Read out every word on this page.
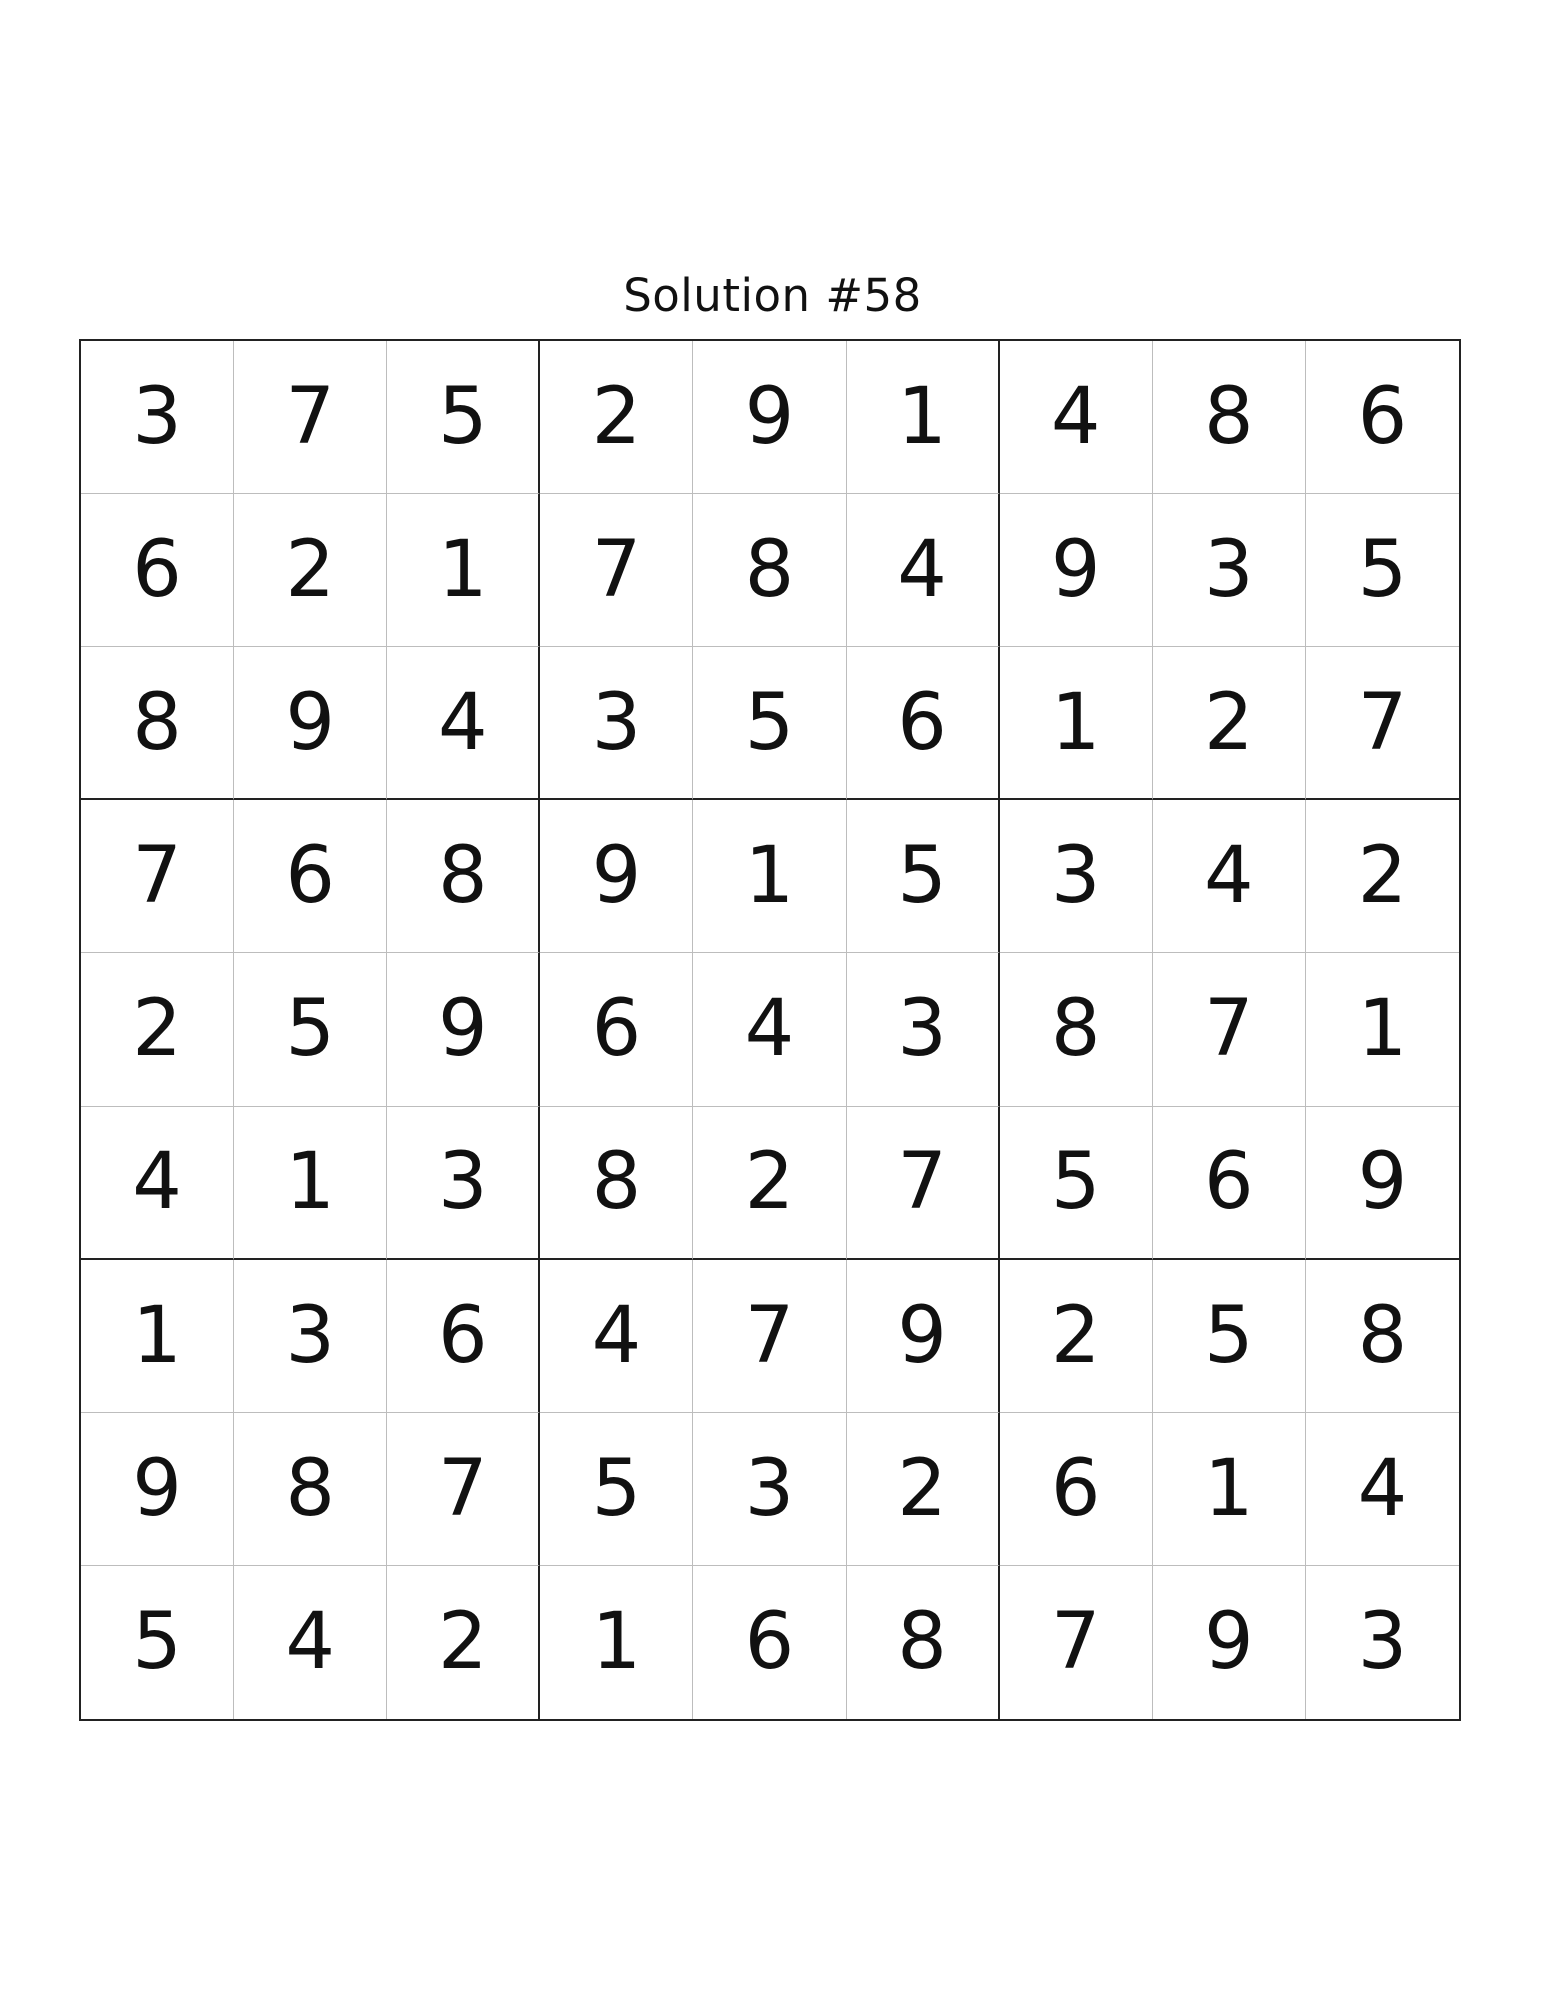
Solution #58
3	7	5	2	9	1	4	8	6
6	2	1	7	8	4	9	3	5
8	9	4	3	5	6	1	2	7
7	6	8	9	1	5	3	4	2
2	5	9	6	4	3	8	7	1
4	1	3	8	2	7	5	6	9
1	3	6	4	7	9	2	5	8
9	8	7	5	3	2	6	1	4
5	4	2	1	6	8	7	9	3
